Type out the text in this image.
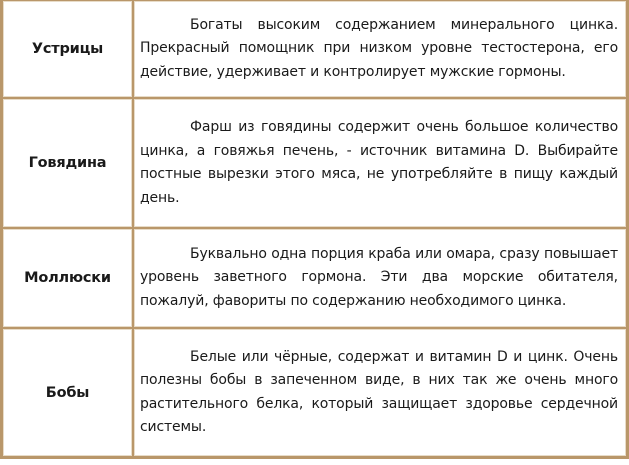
Устрицы	Богаты высоким содержанием минерального цинка. Прекрасный помощник при низком уровне тестостерона, его действие, удерживает и контролирует мужские гормоны.

Говядина	Фарш из говядины содержит очень большое количество цинка, а говяжья печень, - источник витамина D. Выбирайте постные вырезки этого мяса, не употребляйте в пищу каждый день.

Моллюски	Буквально одна порция краба или омара, сразу повышает уровень заветного гормона. Эти два морские обитателя, пожалуй, фавориты по содержанию необходимого цинка.

Бобы	Белые или чёрные, содержат и витамин D и цинк. Очень полезны бобы в запеченном виде, в них так же очень много растительного белка, который защищает здоровье сердечной системы.
